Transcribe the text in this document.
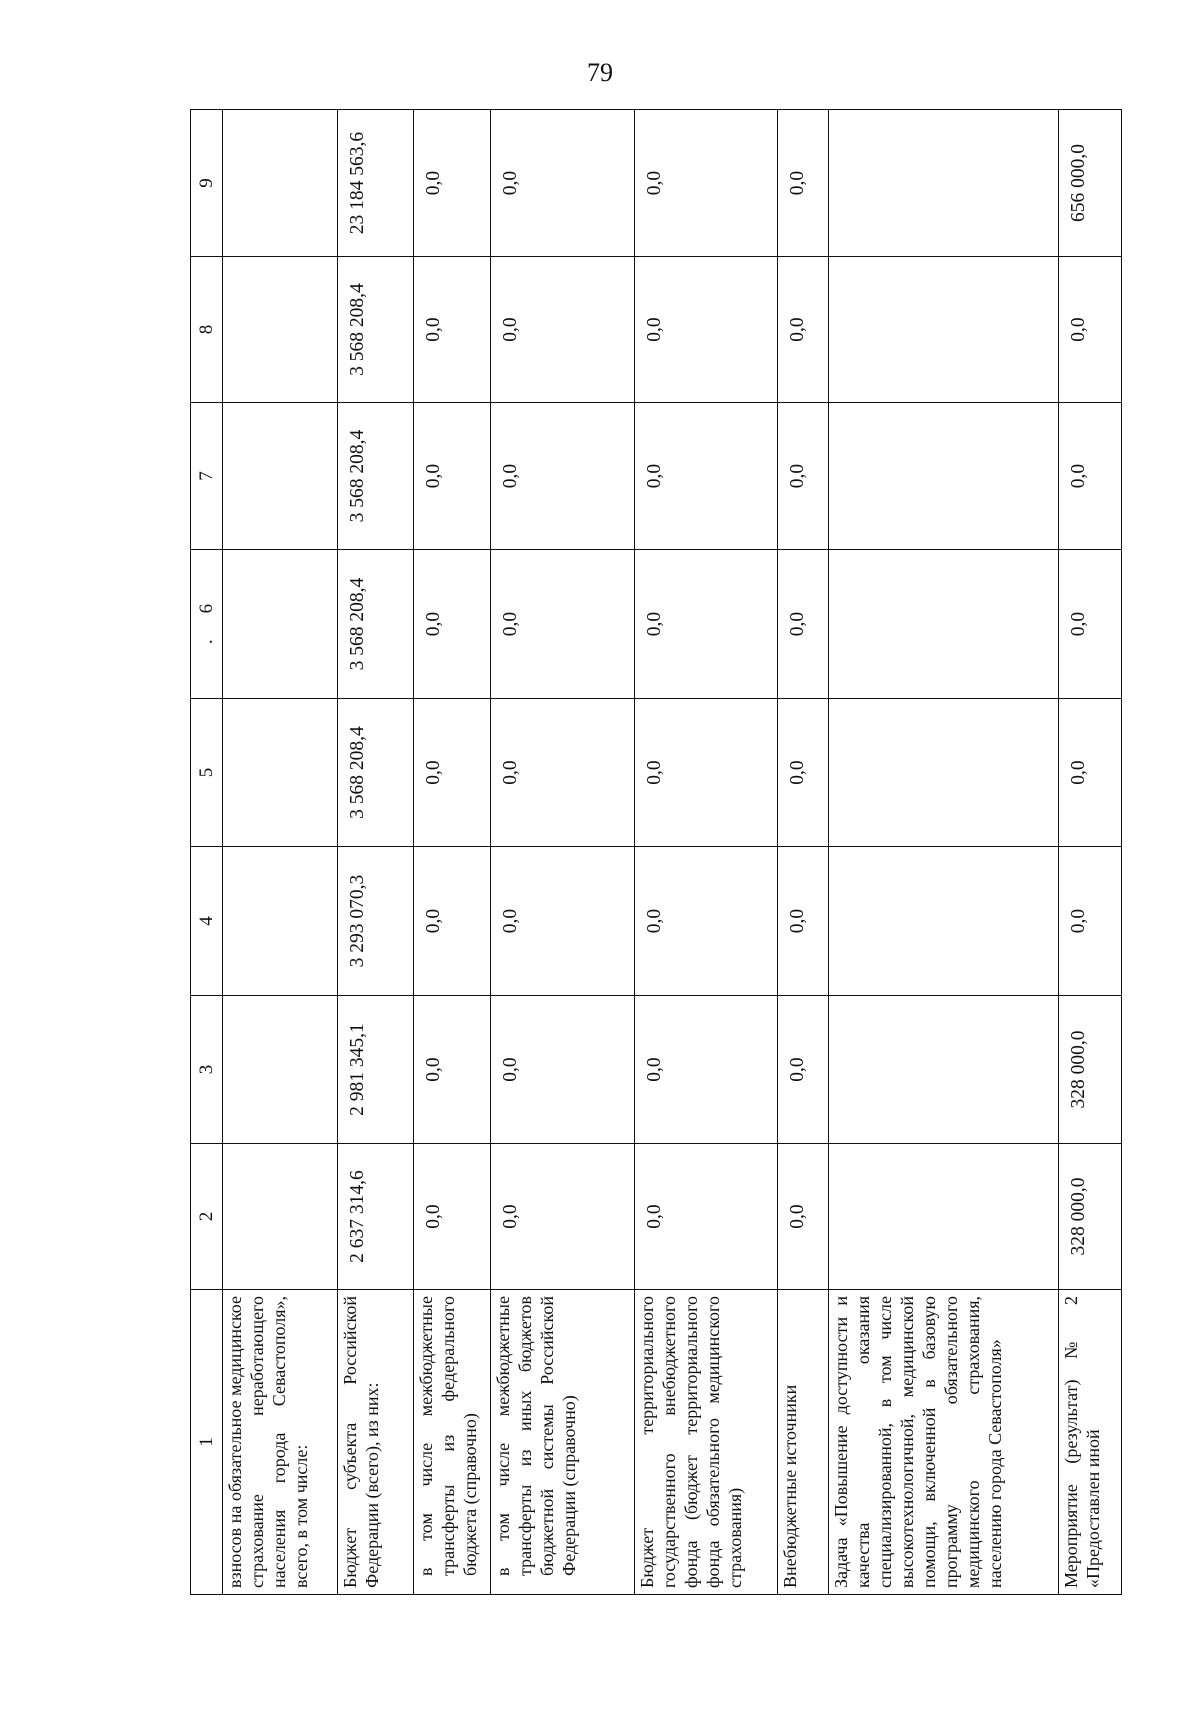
79
1	2	3	4	5	.6	7	8	9
взносов на обязательное медицинское страхование неработающего населения города Севастополя», всего, в том числе:								
Бюджет субъекта Российской Федерации (всего), из них:	2 637 314,6	2 981 345,1	3 293 070,3	3 568 208,4	3 568 208,4	3 568 208,4	3 568 208,4	23 184 563,6
в том числе межбюджетные трансферты из федерального бюджета (справочно)	0,0	0,0	0,0	0,0	0,0	0,0	0,0	0,0
в том числе межбюджетные трансферты из иных бюджетов бюджетной системы Российской Федерации (справочно)	0,0	0,0	0,0	0,0	0,0	0,0	0,0	0,0
Бюджет территориального государственного внебюджетного фонда (бюджет территориального фонда обязательного медицинского страхования)	0,0	0,0	0,0	0,0	0,0	0,0	0,0	0,0
Внебюджетные источники	0,0	0,0	0,0	0,0	0,0	0,0	0,0	0,0
Задача «Повышение доступности и качества оказания специализированной, в том числе высокотехнологичной, медицинской помощи, включенной в базовую программу обязательного медицинского страхования, населению города Севастополя»								
Мероприятие (результат) № 2 «Предоставлен иной	328 000,0	328 000,0	0,0	0,0	0,0	0,0	0,0	656 000,0
